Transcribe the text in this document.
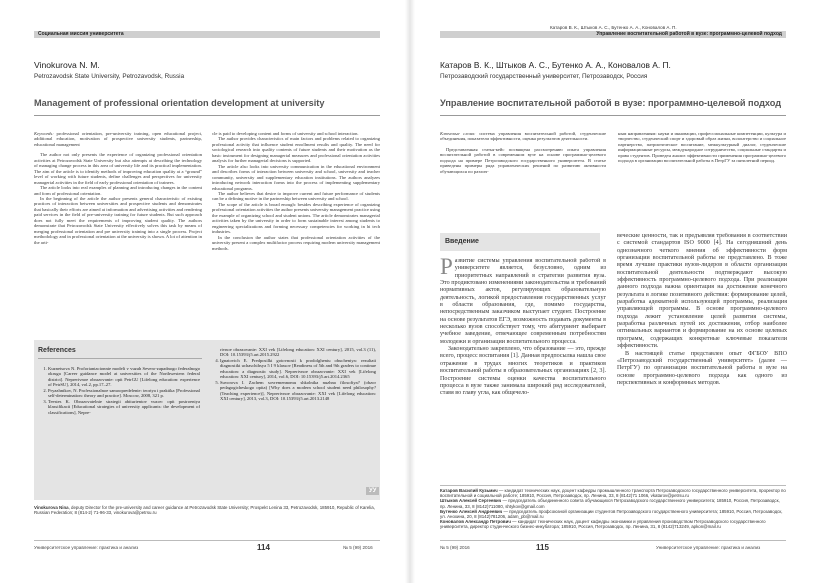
Социальная миссия университета
Vinokurova N. M.
Petrozavodsk State University, Petrozavodsk, Russia
Management of professional orientation development at university

Keywords: professional orientation, pre-university training, open educational project, additional education, motivation of prospective university students, partnership, educational management

The author not only presents the experience of organizing professional orientation activities at Petrozavodsk State University but also attempts at describing the technology of managing change process in this area of university life and its practical implementation. The aim of the article is to identify methods of improving education quality at a “ground” level of working with future students, define challenges and perspectives for university managerial activities in the field of early professional orientation of trainees.

The article looks into real examples of planning and introducing changes in the content and form of professional orientation.

In the beginning of the article the author presents general characteristic of existing practices of interaction between universities and prospective students and demonstrates that basically their efforts are aimed at information and advertising activities and rendering paid services in the field of pre-university training for future students. But such approach does not fully meet the requirements of improving student quality. The authors demonstrate that Petrozavodsk State University effectively solves this task by means of merging professional orientation and pre university training into a single process. Project methodology and in professional orientation at the university is shown. A lot of attention in the arti-

cle is paid to developing content and forms of university and school interaction.

The author provides characteristics of main factors and problems related to organizing professional activity that influence student enrollment results and quality. The need for sociological research into quality contents of future students and their motivation as the basic instrument for designing managerial measures and professional orientation activities analysis for further managerial decisions is supported.

The article also looks into university communication in the educational environment and describes forms of interaction between university and school, university and teacher community, university and supplementary education institutions. The authors analyzes introducing network interaction forms into the process of implementing supplementary educational programs.

The author believes that desire to improve current and future performance of students can be a defining motive in the partnership between university and school.

The scope of the article is broad enough: besides describing experience of organizing professional orientation activities the author presents university management practice using the example of organizing school and student unions. The article demonstrates managerial activities taken by the university in order to form sustainable interest among students to engineering specializations and forming necessary competencies for working in hi tech industries.

In the conclusion the author states that professional orientation activities of the university present a complex multifactor process requiring modern university management methods.

References
1. Kuznetsova N. Proforiantacionnie modeli v vuzah Severo-zapadnogo federalnogo okruga [Career guidance model at universities of the Northwestern federal district]. Neprerivnoe obrazovanie: opit PetrGU [Lifelong education: experience of PetrSU], 2014, vol.2, pp.17–27.
2. Pryazhnikov, N. Professionalnoe samoopredelenie: teoriya i praktika [Professional self-determination: theory and practice]. Moscow, 2008, 321 p.
3. Teestes K. Obrazovatelnie strategii abiturientov vuzov: opit postroeniya klassifikacii [Educational strategies of university applicants: the development of classifications], Nepre-
rivnoe obrazovanie: XXI vek [Lifelong education: XXI century], 2015, vol.3 (11), DOI: 10.15393/j5.art.2015.2922
4. Ignatovich E. Predposilki gotovnosti k prodolgheniu obucheniya: rezultati diagnostiki uchaschihsya 5 I 9 klassov [Readiness of 5th and 9th graders to continue education: a diagnostic study]. Neprerivnoe obrazovanie: XXI vek [Lifelong education: XXI century], 2014, vol.6, DOI: 10.15393/j5.art.2014.2365
5. Suvorova I. Zachem sovremennomu shkolnika nuzhna filosofiya? (obzor pedagogicheskogo opita) [Why does a modern school student need philosophy? (Teaching experience)], Neprerivnoe obrazovanie: XXI vek [Lifelong education: XXI century], 2013, vol.3, DOI: 10.15393/j5.art.2013.2148
УУ
Vinokurova Nina, deputy Director for the pre-university and career guidance at Petrozavodsk State University; Prospekt Lenina 33, Petrozavodsk, 185910, Republic of Karelia, Russian Federation; 8 (814-2) 71-96-33, vinokurova@petrsu.ru
Университетское управление: практика и анализ	114	№ 5 (99) 2016
Катаров В. К., Штыков А. С., Бутенко А. А., Коновалов А. П.
Управление воспитательной работой в вузе: программно-целевой подход
Катаров В. К., Штыков А. С., Бутенко А. А., Коновалов А. П.
Петрозаводский государственный университет, Петрозаводск, Россия
Управление воспитательной работой в вузе: программно-целевой подход

Ключевые слова: система управления воспитательной работой, студенческие объединения, показатели эффективности, оценка результатов деятельности.

Представленная статья-кейс посвящена рассмотрению опыта управления воспитательной работой в современном вузе на основе программно-целевого подхода на примере Петрозаводского государственного университета. В статье приведены примеры ряда управленческих решений по развитию активности обучающихся по различ-

ным направлениям: науки и инновации, профессиональные компетенции, культура и творчество, студенческий спорт и здоровый образ жизни, волонтерство и социальное партнерство, патриотическое воспитание, межкультурный диалог, студенческие информационные ресурсы, международное сотрудничество, социальные стандарты и права студентов. Проведен анализ эффективности применения программно-целевого подхода в организации воспитательной работы в ПетрГУ за пятилетний период.

Введение

Развитие системы управления воспитательной работой в университете является, безусловно, одним из приоритетных направлений в стратегии развития вуза. Это продиктовано изменениями законодательства и требований нормативных актов, регулирующих образовательную деятельность, логикой предоставления государственных услуг в области образования, где, помимо государства, непосредственным заказчиком выступает студент. Построение на основе результатов ЕГЭ, возможность подавать документы в несколько вузов способствует тому, что абитуриент выбирает учебное заведение, отвечающее современным потребностям молодежи и организации воспитательного процесса.

Законодательно закреплено, что образование — это, прежде всего, процесс воспитания [1]. Данная предпосылка нашла свое отражение в трудах многих теоретиков и практиков воспитательной работы в образовательных организациях [2, 3]. Построение системы оценки качества воспитательного процесса в вузе также занимала широкий ряд исследователей, ставя во главу угла, как общечело-

веческие ценности, так и предъявляя требования в соответствии с системой стандартов ISO 9000 [4]. На сегодняшний день однозначного четкого мнения об эффективности форм организации воспитательной работы не представлено. В тоже время лучшие практики вузов-лидеров в области организации воспитательной деятельности подтверждают высокую эффективность программно-целевого подхода. При реализации данного подхода важна ориентация на достижение конечного результата в логике позитивного действия: формирование целей, разработка адекватной использующей программы, реализация управляющей программы. В основе программно-целевого подхода лежит установление целей развития системы, разработка различных путей их достижения, отбор наиболее оптимальных вариантов и формирование на их основе целевых программ, содержащих конкретные ключевые показатели эффективности.

В настоящей статье представлен опыт ФГБОУ ВПО «Петрозаводский государственный университет» (далее — ПетрГУ) по организации воспитательной работы в вузе на основе программно-целевого подхода как одного из перспективных и конформных методов.

Катаров Василий Кузьмич — кандидат технических наук, доцент кафедры промышленного транспорта Петрозаводского государственного университета, проректор по воспитательной и социальной работе; 185910, Россия, Петрозаводск, пр. Ленина, 33, 8 (8142)71 1066, vkatarov@petrsu.ru
Штыков Алексей Сергеевич — председатель объединенного совета обучающихся Петрозаводского государственного университета; 185910, Россия, Петрозаводск, пр. Ленина, 33, 8 (8142)711080, shtykov@gmail.com
Бутенко Алексей Андреевич — председатель профсоюзной организации студентов Петрозаводского государственного университета; 185910, Россия, Петрозаводск, ул. Анохина, 20, 8 (8142)781206, adam_pb@mail.ru
Коновалов Александр Петрович — кандидат технических наук, доцент кафедры экономики и управления производством Петрозаводского государственного университета, директор студенческого бизнес-инкубатора; 185910, Россия, Петрозаводск, пр. Ленина, 31, 8 (8142)713249, apkon@mail.ru
№ 5 (99) 2016	115	Университетское управление: практика и анализ
